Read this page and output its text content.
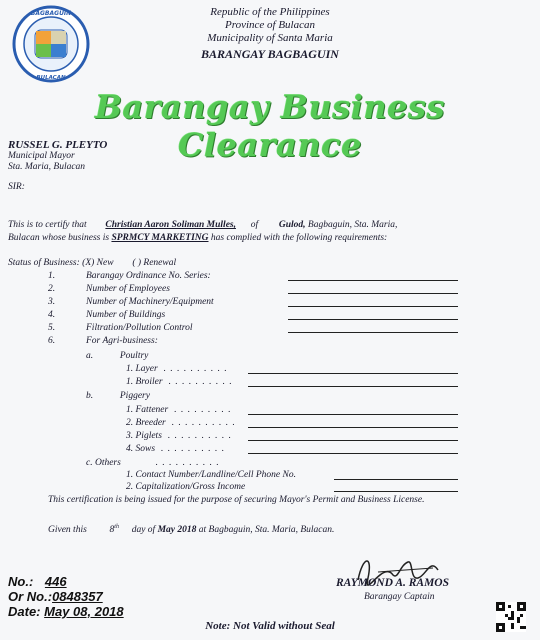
BAGBAGUIN
BULACAN
Republic of the Philippines
Province of Bulacan
Municipality of Santa Maria
BARANGAY BAGBAGUIN
Barangay Business Clearance
RUSSEL G. PLEYTO
Municipal Mayor
Sta. Maria, Bulacan
SIR:
This is to certify that Christian Aaron Soliman Mulles, of Gulod, Bagbaguin, Sta. Maria,
Bulacan whose business is SPRMCY MARKETING has complied with the following requirements:
Status of Business: (X) New ( ) Renewal
1.	Barangay Ordinance No. Series:
2.	Number of Employees
3.	Number of Machinery/Equipment
4.	Number of Buildings
5.	Filtration/Pollution Control
6.	For Agri-business:
a.	Poultry
1. Layer . . . . . . . . . .
1. Broiler . . . . . . . . . .
b.	Piggery
1. Fattener . . . . . . . . .
2. Breeder . . . . . . . . . .
3. Piglets . . . . . . . . . .
4. Sows . . . . . . . . . .
c. Others	. . . . . . . . . .
1. Contact Number/Landline/Cell Phone No.
2. Capitalization/Gross Income
This certification is being issued for the purpose of securing Mayor's Permit and Business License.
Given this 8th day of May 2018 at Bagbaguin, Sta. Maria, Bulacan.
No.: 446
Or No.:0848357
Date: May 08, 2018
RAYMOND A. RAMOS
Barangay Captain
Note: Not Valid without Seal
